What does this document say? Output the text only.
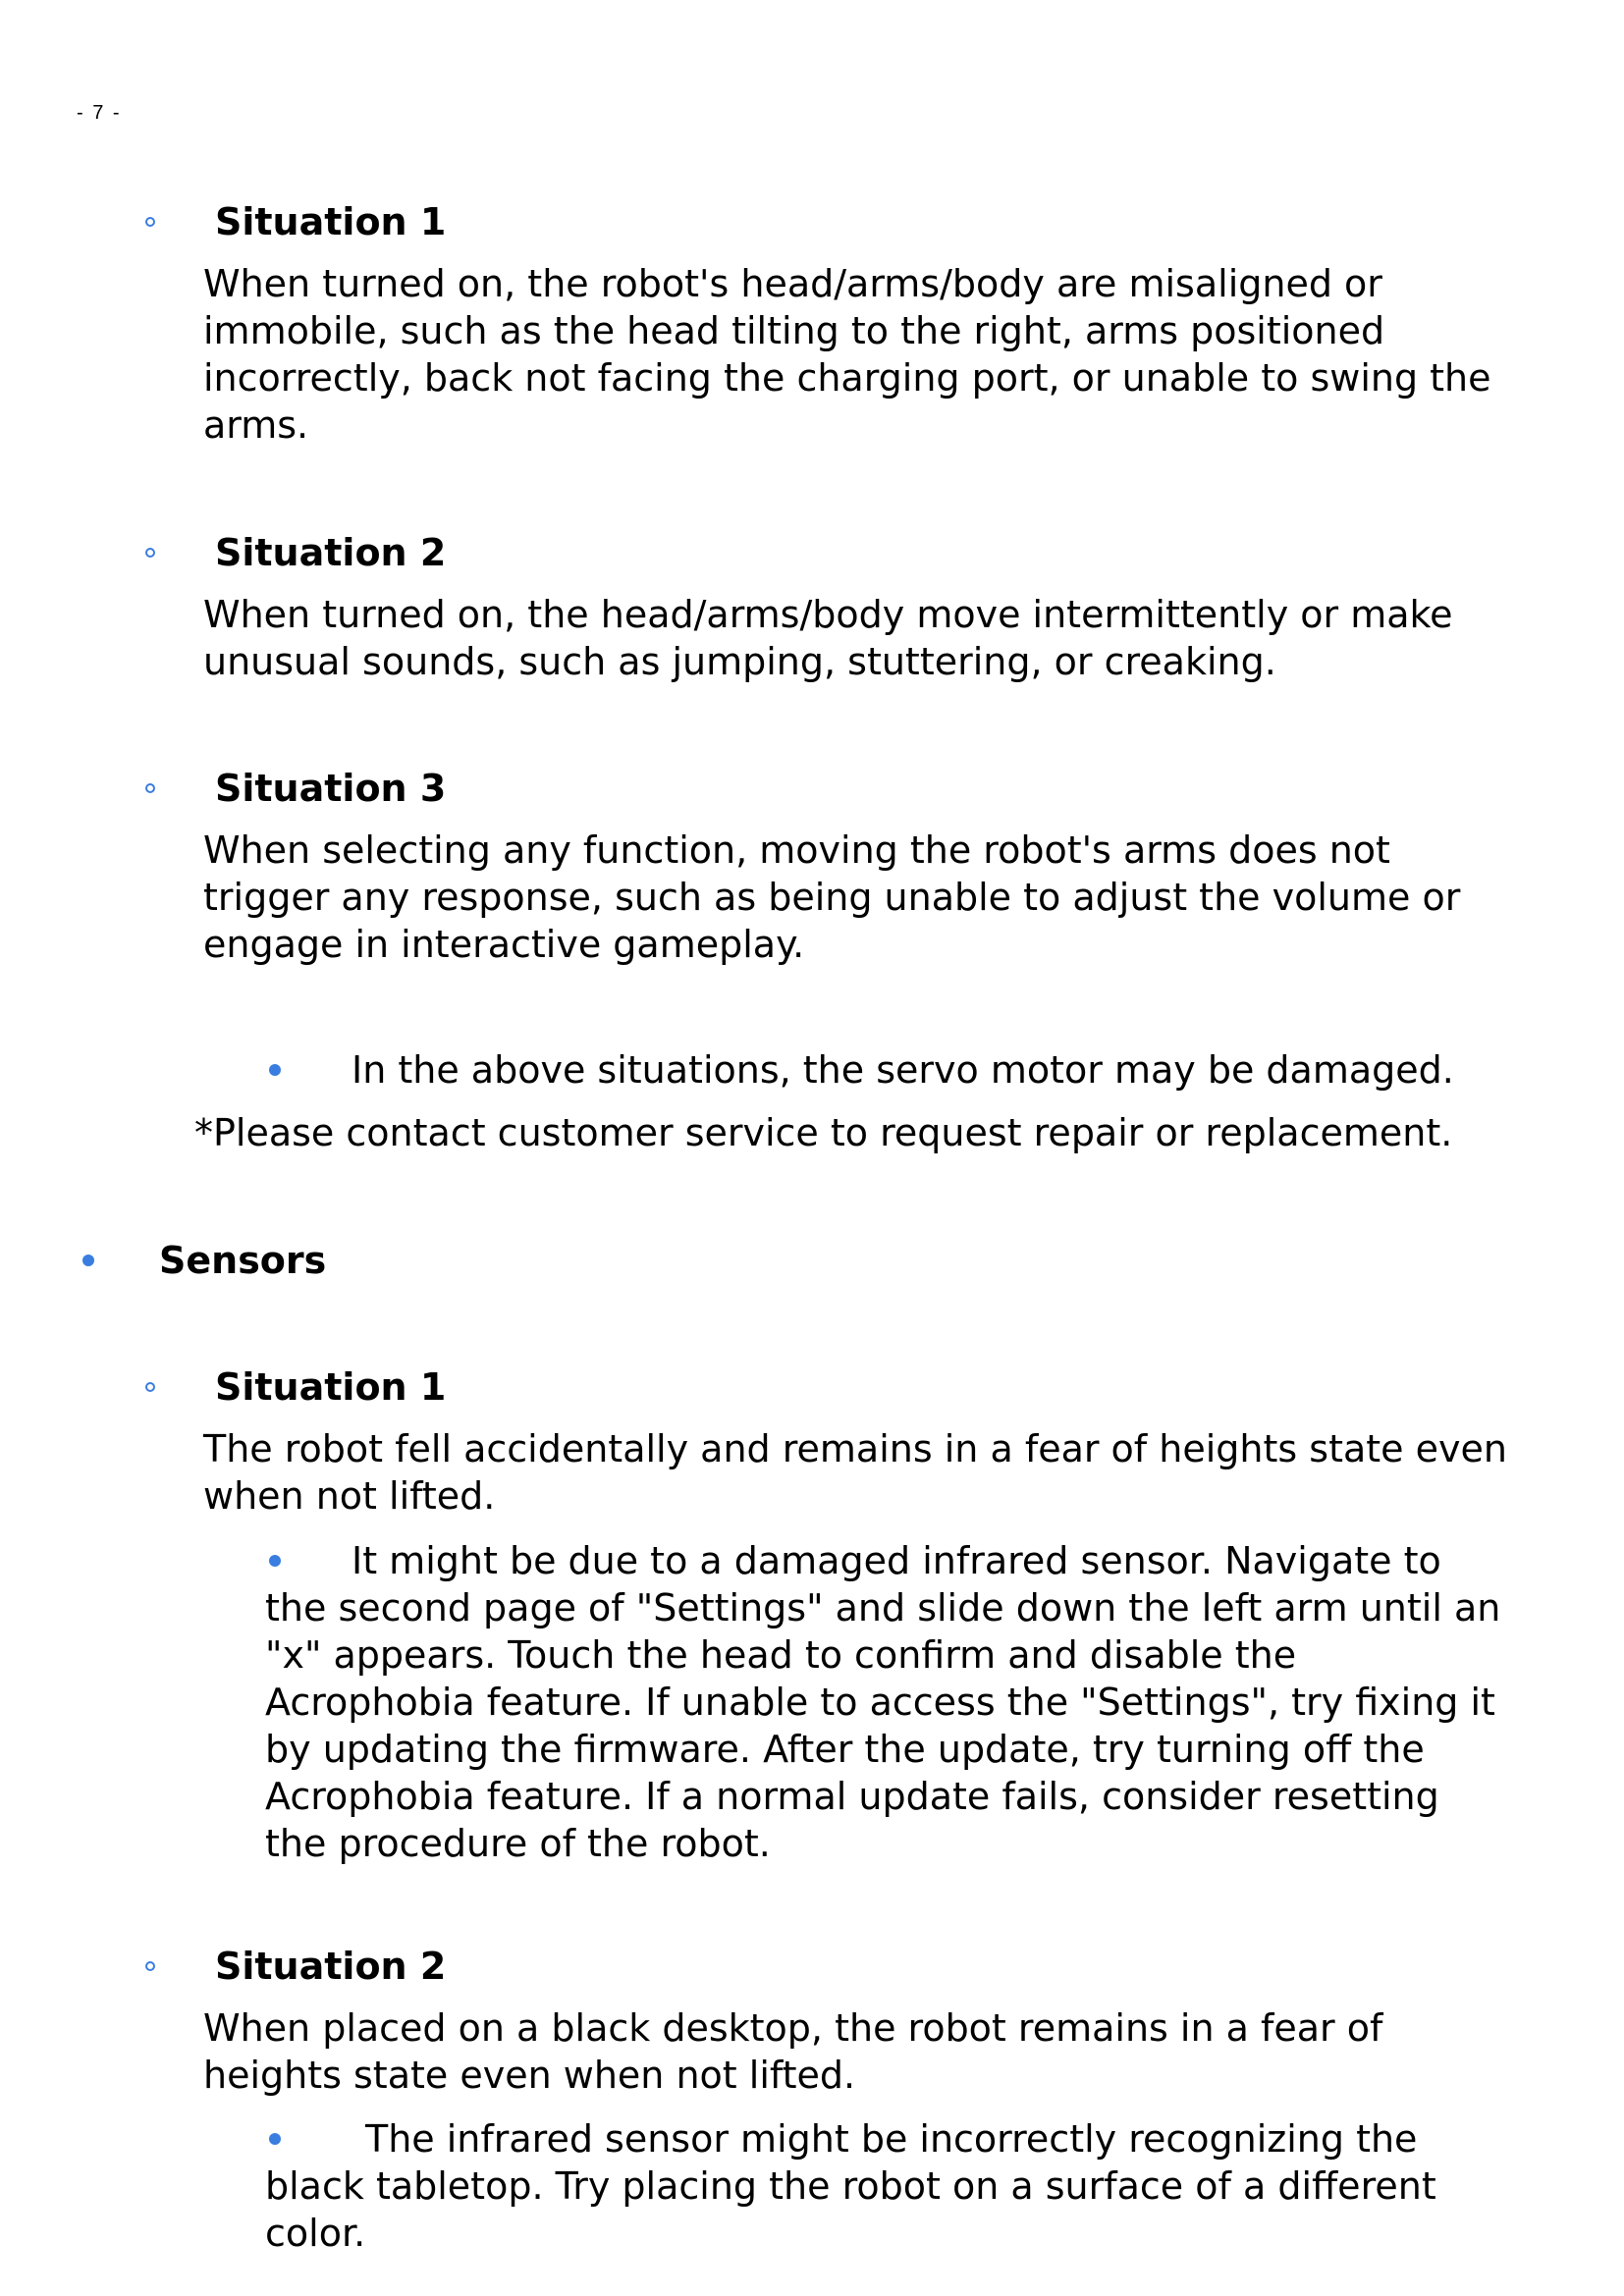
- 7 -
Situation 1

When turned on, the robot's head/arms/body are misaligned or
immobile, such as the head tilting to the right, arms positioned
incorrectly, back not facing the charging port, or unable to swing the
arms.

Situation 2

When turned on, the head/arms/body move intermittently or make
unusual sounds, such as jumping, stuttering, or creaking.

Situation 3

When selecting any function, moving the robot's arms does not
trigger any response, such as being unable to adjust the volume or
engage in interactive gameplay.

In the above situations, the servo motor may be damaged.
*Please contact customer service to request repair or replacement.
Sensors
Situation 1

The robot fell accidentally and remains in a fear of heights state even
when not lifted.

It might be due to a damaged infrared sensor. Navigate to
the second page of "Settings" and slide down the left arm until an
"x" appears. Touch the head to confirm and disable the
Acrophobia feature. If unable to access the "Settings", try fixing it
by updating the firmware. After the update, try turning off the
Acrophobia feature. If a normal update fails, consider resetting
the procedure of the robot.

Situation 2

When placed on a black desktop, the robot remains in a fear of
heights state even when not lifted.

The infrared sensor might be incorrectly recognizing the
black tabletop. Try placing the robot on a surface of a different
color.
